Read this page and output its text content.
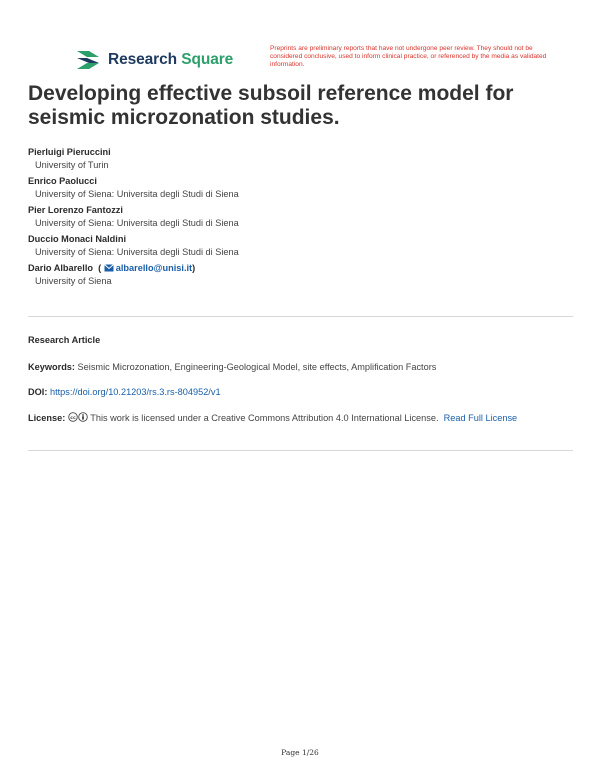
Research Square
Preprints are preliminary reports that have not undergone peer review. They should not be considered conclusive, used to inform clinical practice, or referenced by the media as validated information.
Developing effective subsoil reference model for seismic microzonation studies.
Pierluigi Pieruccini
University of Turin
Enrico Paolucci
University of Siena: Universita degli Studi di Siena
Pier Lorenzo Fantozzi
University of Siena: Universita degli Studi di Siena
Duccio Monaci Naldini
University of Siena: Universita degli Studi di Siena
Dario Albarello  ( albarello@unisi.it)
University of Siena
Research Article
Keywords: Seismic Microzonation, Engineering-Geological Model, site effects, Amplification Factors
DOI: https://doi.org/10.21203/rs.3.rs-804952/v1
License: cc This work is licensed under a Creative Commons Attribution 4.0 International License. Read Full License
Page 1/26
